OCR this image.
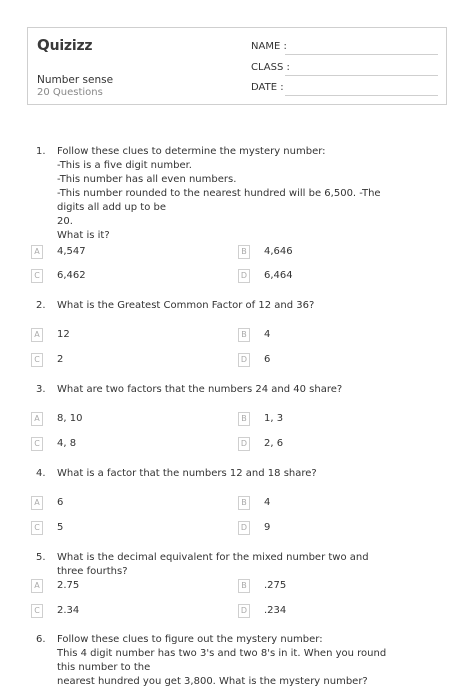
Quizizz
Number sense
20 Questions
NAME :
CLASS :
DATE :
1.	Follow these clues to determine the mystery number:
-This is a five digit number.
-This number has all even numbers.
-This number rounded to the nearest hundred will be 6,500. -The digits all add up to be
20.
What is it?
A	4,547	B	4,646
C	6,462	D 6,464
2.	What is the Greatest Common Factor of 12 and 36?
A	12	B	4
C	2	D 6
3.	What are two factors that the numbers 24 and 40 share?
A	8, 10	B	1, 3
C	4, 8	D 2, 6
4.	What is a factor that the numbers 12 and 18 share?
A	6	B	4
C	5	D 9
5.	What is the decimal equivalent for the mixed number two and three fourths?
A	2.75	B	.275
C	2.34	D .234
6.	Follow these clues to figure out the mystery number:
This 4 digit number has two 3's and two 8's in it. When you round this number to the
nearest hundred you get 3,800. What is the mystery number?
